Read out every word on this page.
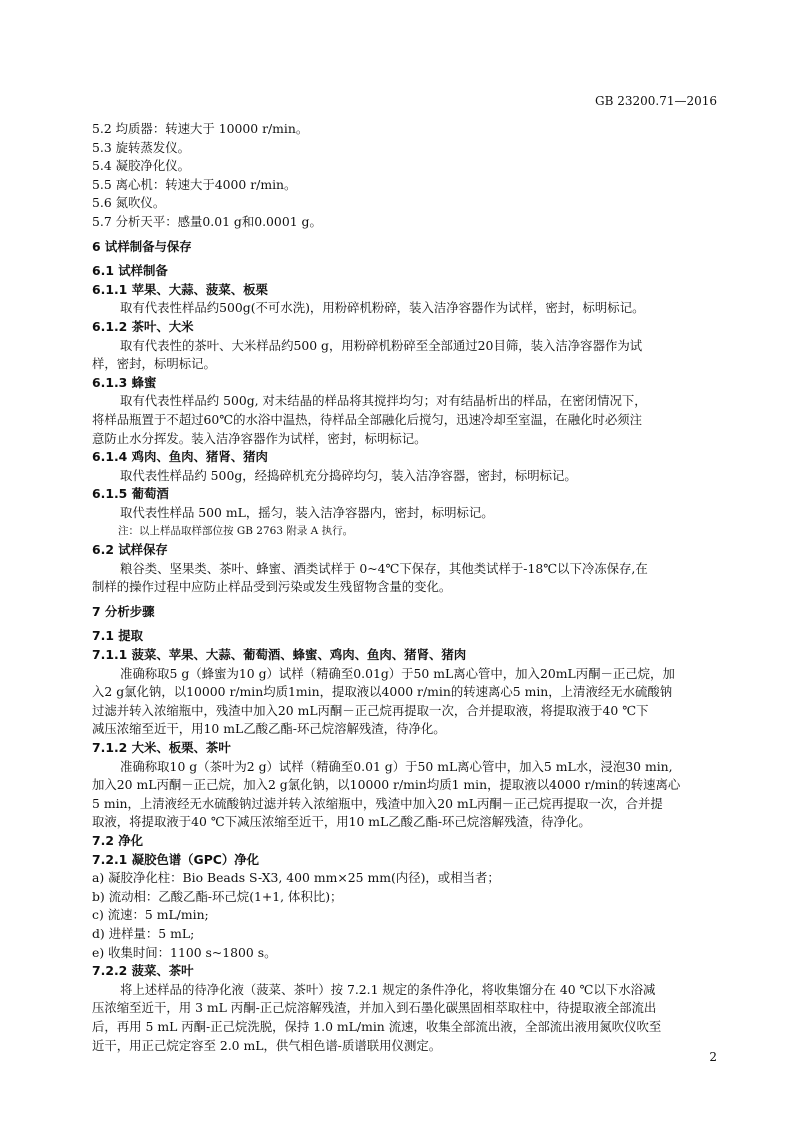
GB 23200.71—2016
5.2 均质器：转速大于 10000 r/min。
5.3 旋转蒸发仪。
5.4 凝胶净化仪。
5.5 离心机：转速大于4000 r/min。
5.6 氮吹仪。
5.7 分析天平：感量0.01 g和0.0001 g。
6 试样制备与保存
6.1 试样制备
6.1.1 苹果、大蒜、菠菜、板栗
取有代表性样品约500g(不可水洗)，用粉碎机粉碎，装入洁净容器作为试样，密封，标明标记。
6.1.2 茶叶、大米
取有代表性的茶叶、大米样品约500 g，用粉碎机粉碎至全部通过20目筛，装入洁净容器作为试
样，密封，标明标记。
6.1.3 蜂蜜
取有代表性样品约 500g, 对未结晶的样品将其搅拌均匀；对有结晶析出的样品，在密闭情况下，
将样品瓶置于不超过60℃的水浴中温热，待样品全部融化后搅匀，迅速冷却至室温，在融化时必须注
意防止水分挥发。装入洁净容器作为试样，密封，标明标记。
6.1.4 鸡肉、鱼肉、猪肾、猪肉
取代表性样品约 500g，经捣碎机充分捣碎均匀，装入洁净容器，密封，标明标记。
6.1.5 葡萄酒
取代表性样品 500 mL，摇匀，装入洁净容器内，密封，标明标记。
注：以上样品取样部位按 GB 2763 附录 A 执行。
6.2 试样保存
粮谷类、坚果类、茶叶、蜂蜜、酒类试样于 0~4℃下保存，其他类试样于-18℃以下冷冻保存,在
制样的操作过程中应防止样品受到污染或发生残留物含量的变化。
7 分析步骤
7.1 提取
7.1.1 菠菜、苹果、大蒜、葡萄酒、蜂蜜、鸡肉、鱼肉、猪肾、猪肉
准确称取5 g（蜂蜜为10 g）试样（精确至0.01g）于50 mL离心管中，加入20mL丙酮－正己烷，加
入2 g氯化钠，以10000 r/min均质1min，提取液以4000 r/min的转速离心5 min，上清液经无水硫酸钠
过滤并转入浓缩瓶中，残渣中加入20 mL丙酮－正己烷再提取一次，合并提取液，将提取液于40 ℃下
减压浓缩至近干，用10 mL乙酸乙酯-环己烷溶解残渣，待净化。
7.1.2 大米、板栗、茶叶
准确称取10 g（茶叶为2 g）试样（精确至0.01 g）于50 mL离心管中，加入5 mL水，浸泡30 min,
加入20 mL丙酮－正己烷，加入2 g氯化钠，以10000 r/min均质1 min，提取液以4000 r/min的转速离心
5 min，上清液经无水硫酸钠过滤并转入浓缩瓶中，残渣中加入20 mL丙酮－正己烷再提取一次，合并提
取液，将提取液于40 ℃下减压浓缩至近干，用10 mL乙酸乙酯-环己烷溶解残渣，待净化。
7.2 净化
7.2.1 凝胶色谱（GPC）净化
a) 凝胶净化柱：Bio Beads S-X3, 400 mm×25 mm(内径)，或相当者；
b) 流动相：乙酸乙酯-环己烷(1+1, 体积比)；
c) 流速：5 mL/min;
d) 进样量：5 mL;
e) 收集时间：1100 s~1800 s。
7.2.2 菠菜、茶叶
将上述样品的待净化液（菠菜、茶叶）按 7.2.1 规定的条件净化，将收集馏分在 40 ℃以下水浴减
压浓缩至近干，用 3 mL 丙酮-正己烷溶解残渣，并加入到石墨化碳黑固相萃取柱中，待提取液全部流出
后，再用 5 mL 丙酮-正己烷洗脱，保持 1.0 mL/min 流速，收集全部流出液，全部流出液用氮吹仪吹至
近干，用正己烷定容至 2.0 mL，供气相色谱-质谱联用仪测定。
2
